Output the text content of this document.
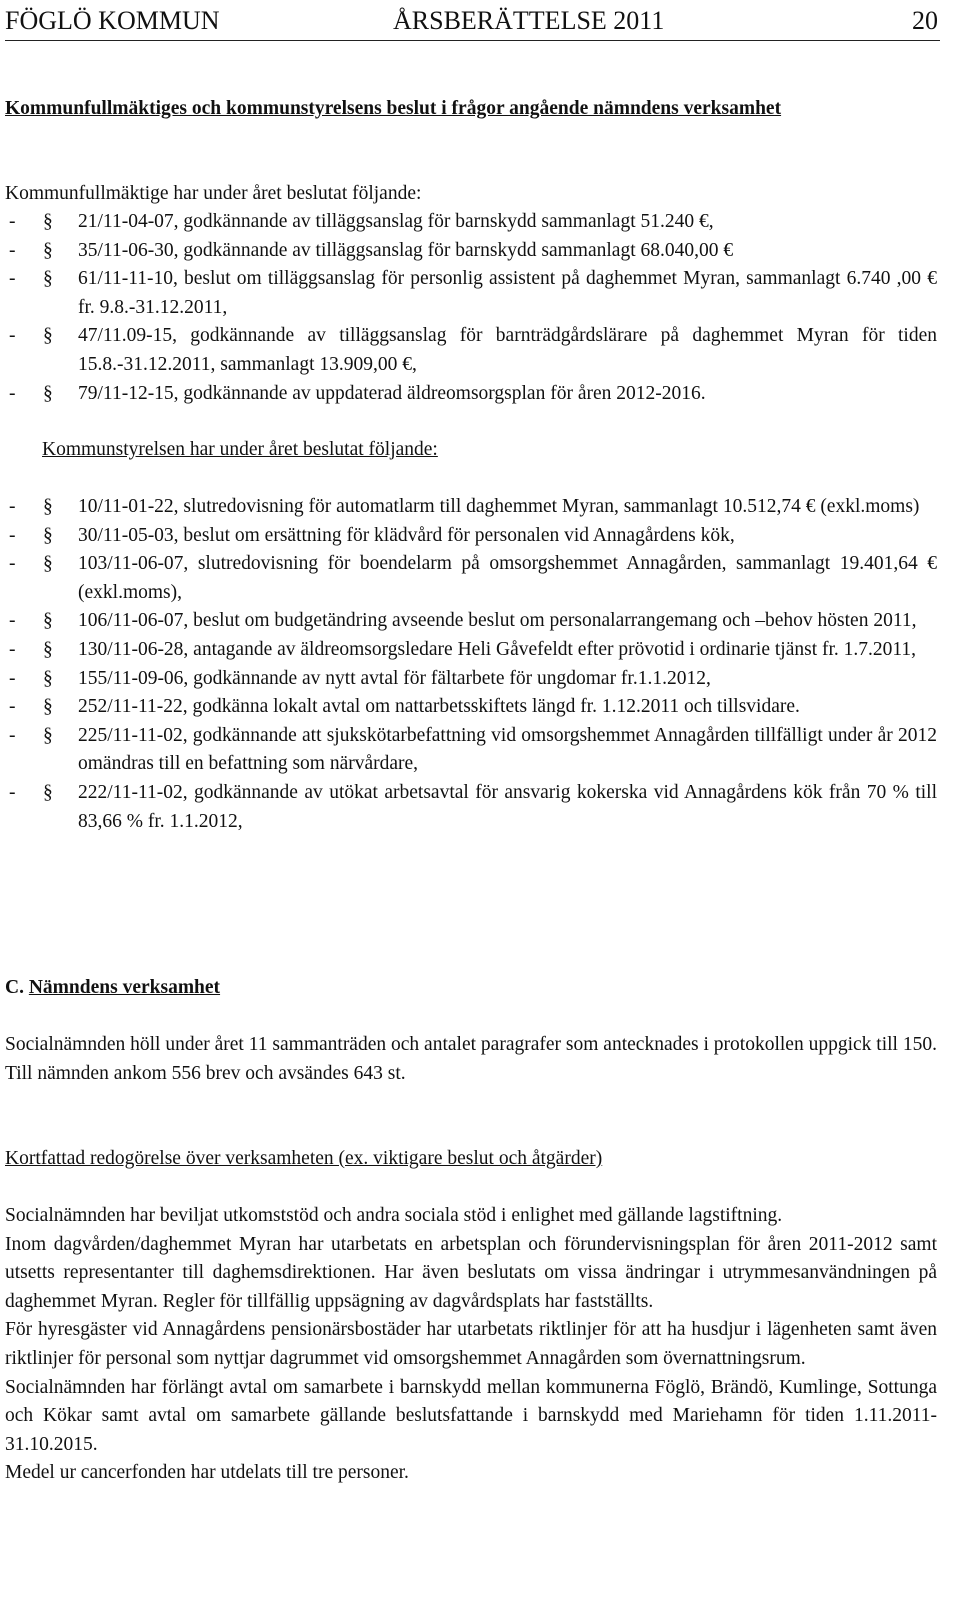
FÖGLÖ KOMMUN	ÅRSBERÄTTELSE 2011	20
Kommunfullmäktiges och kommunstyrelsens beslut i frågor angående nämndens verksamhet
Kommunfullmäktige har under året beslutat följande:
- § 21/11-04-07, godkännande av tilläggsanslag för barnskydd sammanlagt 51.240 €,
- § 35/11-06-30, godkännande av tilläggsanslag för barnskydd sammanlagt 68.040,00 €
- § 61/11-11-10, beslut om tilläggsanslag för personlig assistent på daghemmet Myran, sammanlagt 6.740 ,00 € fr. 9.8.-31.12.2011,
- § 47/11.09-15, godkännande av tilläggsanslag för barnträdgårdslärare på daghemmet Myran för tiden 15.8.-31.12.2011, sammanlagt 13.909,00 €,
- § 79/11-12-15, godkännande av uppdaterad äldreomsorgsplan för åren 2012-2016.
Kommunstyrelsen har under året beslutat följande:
- § 10/11-01-22, slutredovisning för automatlarm till daghemmet Myran, sammanlagt 10.512,74 € (exkl.moms)
- § 30/11-05-03, beslut om ersättning för klädvård för personalen vid Annagårdens kök,
- § 103/11-06-07, slutredovisning för boendelarm på omsorgshemmet Annagården, sammanlagt 19.401,64 € (exkl.moms),
- § 106/11-06-07, beslut om budgetändring avseende beslut om personalarrangemang och –behov hösten 2011,
- § 130/11-06-28, antagande av äldreomsorgsledare Heli Gåvefeldt efter prövotid i ordinarie tjänst fr. 1.7.2011,
- § 155/11-09-06, godkännande av nytt avtal för fältarbete för ungdomar fr.1.1.2012,
- § 252/11-11-22, godkänna lokalt avtal om nattarbetsskiftets längd fr. 1.12.2011 och tillsvidare.
- § 225/11-11-02, godkännande att sjukskötarbefattning vid omsorgshemmet Annagården tillfälligt under år 2012 omändras till en befattning som närvårdare,
- § 222/11-11-02, godkännande av utökat arbetsavtal för ansvarig kokerska vid Annagårdens kök från 70 % till 83,66 % fr. 1.1.2012,
C. Nämndens verksamhet
Socialnämnden höll under året 11 sammanträden och antalet paragrafer som antecknades i protokollen uppgick till 150. Till nämnden ankom 556 brev och avsändes 643 st.
Kortfattad redogörelse över verksamheten (ex. viktigare beslut och åtgärder)

Socialnämnden har beviljat utkomststöd och andra sociala stöd i enlighet med gällande lagstiftning.

Inom dagvården/daghemmet Myran har utarbetats en arbetsplan och förundervisningsplan för åren 2011-2012 samt utsetts representanter till daghemsdirektionen. Har även beslutats om vissa ändringar i utrymmesanvändningen på daghemmet Myran. Regler för tillfällig uppsägning av dagvårdsplats har fastställts.

För hyresgäster vid Annagårdens pensionärsbostäder har utarbetats riktlinjer för att ha husdjur i lägenheten samt även riktlinjer för personal som nyttjar dagrummet vid omsorgshemmet Annagården som övernattningsrum.

Socialnämnden har förlängt avtal om samarbete i barnskydd mellan kommunerna Föglö, Brändö, Kumlinge, Sottunga och Kökar samt avtal om samarbete gällande beslutsfattande i barnskydd med Mariehamn för tiden 1.11.2011-31.10.2015.

Medel ur cancerfonden har utdelats till tre personer.
